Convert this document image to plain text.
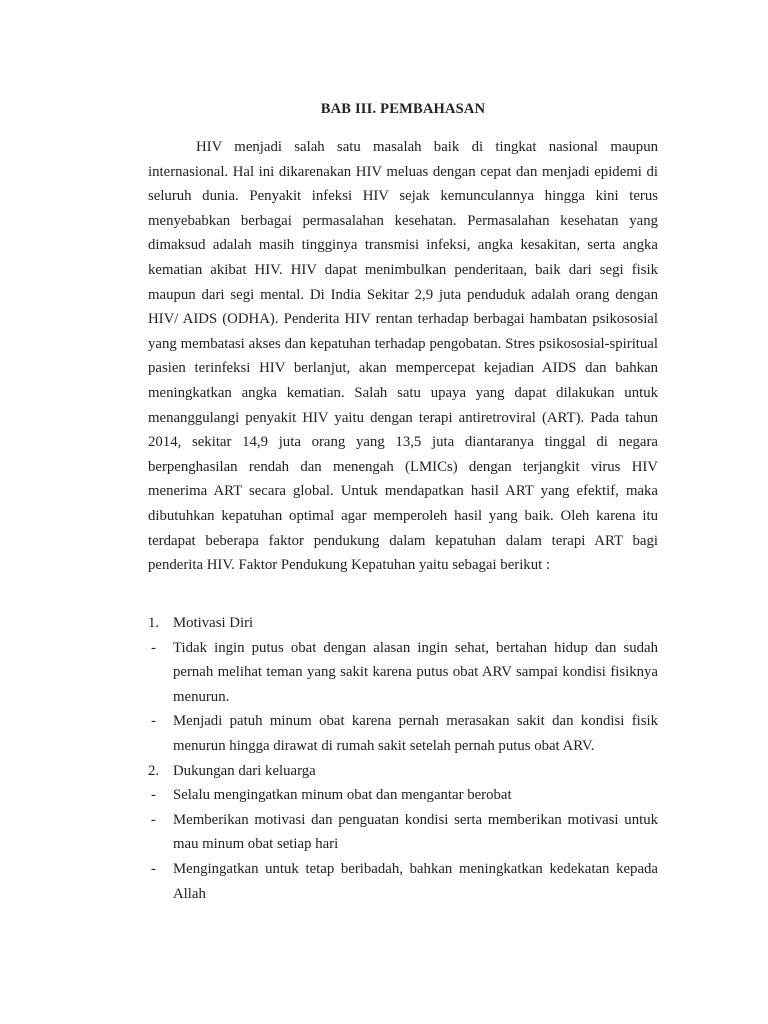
BAB III. PEMBAHASAN

HIV menjadi salah satu masalah baik di tingkat nasional maupun internasional. Hal ini dikarenakan HIV meluas dengan cepat dan menjadi epidemi di seluruh dunia. Penyakit infeksi HIV sejak kemunculannya hingga kini terus menyebabkan berbagai permasalahan kesehatan. Permasalahan kesehatan yang dimaksud adalah masih tingginya transmisi infeksi, angka kesakitan, serta angka kematian akibat HIV. HIV dapat menimbulkan penderitaan, baik dari segi fisik maupun dari segi mental. Di India Sekitar 2,9 juta penduduk adalah orang dengan HIV/ AIDS (ODHA). Penderita HIV rentan terhadap berbagai hambatan psikososial yang membatasi akses dan kepatuhan terhadap pengobatan. Stres psikososial-spiritual pasien terinfeksi HIV berlanjut, akan mempercepat kejadian AIDS dan bahkan meningkatkan angka kematian. Salah satu upaya yang dapat dilakukan untuk menanggulangi penyakit HIV yaitu dengan terapi antiretroviral (ART). Pada tahun 2014, sekitar 14,9 juta orang yang 13,5 juta diantaranya tinggal di negara berpenghasilan rendah dan menengah (LMICs) dengan terjangkit virus HIV menerima ART secara global. Untuk mendapatkan hasil ART yang efektif, maka dibutuhkan kepatuhan optimal agar memperoleh hasil yang baik. Oleh karena itu terdapat beberapa faktor pendukung dalam kepatuhan dalam terapi ART bagi penderita HIV. Faktor Pendukung Kepatuhan yaitu sebagai berikut :

1. Motivasi Diri
-	Tidak ingin putus obat dengan alasan ingin sehat, bertahan hidup dan sudah pernah melihat teman yang sakit karena putus obat ARV sampai kondisi fisiknya menurun.
-	Menjadi patuh minum obat karena pernah merasakan sakit dan kondisi fisik menurun hingga dirawat di rumah sakit setelah pernah putus obat ARV.
2. Dukungan dari keluarga
-	Selalu mengingatkan minum obat dan mengantar berobat
-	Memberikan motivasi dan penguatan kondisi serta memberikan motivasi untuk mau minum obat setiap hari
-	Mengingatkan untuk tetap beribadah, bahkan meningkatkan kedekatan kepada Allah
